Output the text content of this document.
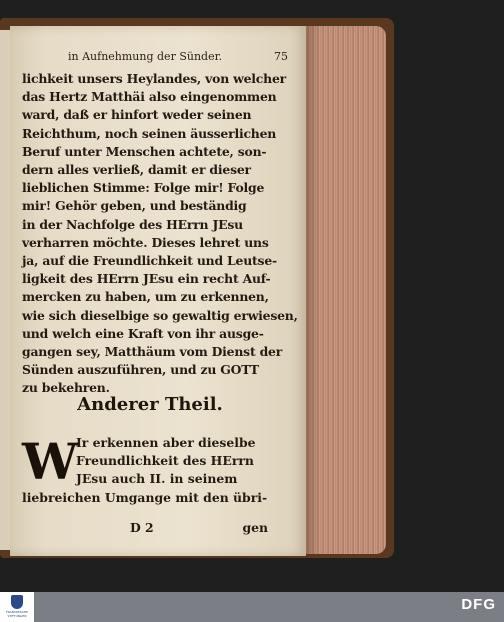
in Aufnehmung der Sünder.	75
lichkeit unsers Heylandes, von welcher
das Hertz Matthäi also eingenommen
ward, daß er hinfort weder seinen
Reichthum, noch seinen äusserlichen
Beruf unter Menschen achtete, son-
dern alles verließ, damit er dieser
lieblichen Stimme: Folge mir! Folge
mir! Gehör geben, und beständig
in der Nachfolge des HErrn JEsu
verharren möchte. Dieses lehret uns
ja, auf die Freundlichkeit und Leutse-
ligkeit des HErrn JEsu ein recht Auf-
mercken zu haben, um zu erkennen,
wie sich dieselbige so gewaltig erwiesen,
und welch eine Kraft von ihr ausge-
gangen sey, Matthäum vom Dienst der
Sünden auszuführen, und zu GOTT
zu bekehren.
Anderer Theil.
W
Ir erkennen aber dieselbe
Freundlichkeit des HErrn
JEsu auch II. in seinem
liebreichen Umgange mit den übri-
D 2	gen
FRANCKESCHE STIFTUNGEN
DFG
